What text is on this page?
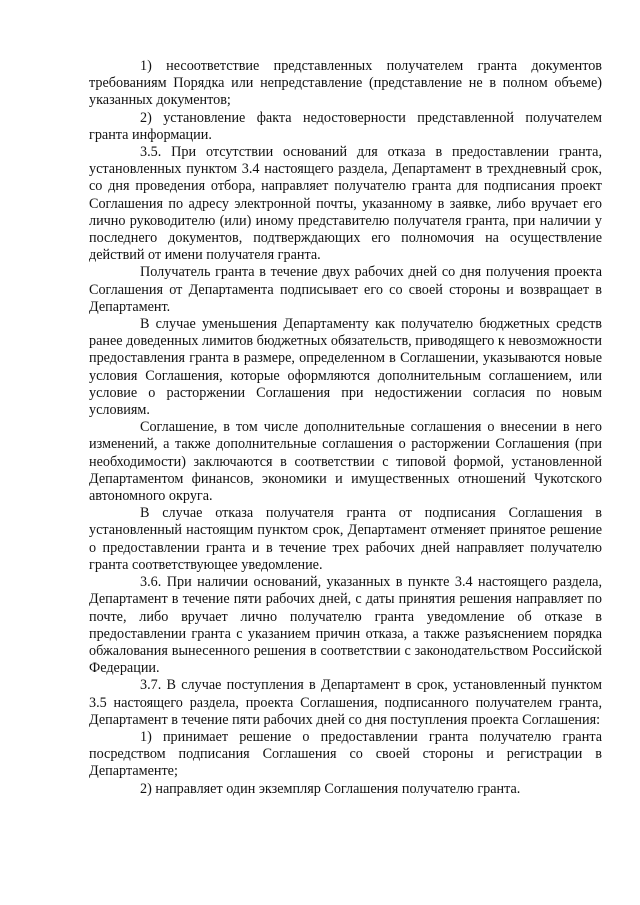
1) несоответствие представленных получателем гранта документов требованиям Порядка или непредставление (представление не в полном объеме) указанных документов;

2) установление факта недостоверности представленной получателем гранта информации.

3.5. При отсутствии оснований для отказа в предоставлении гранта, установленных пунктом 3.4 настоящего раздела, Департамент в трехдневный срок, со дня проведения отбора, направляет получателю гранта для подписания проект Соглашения по адресу электронной почты, указанному в заявке, либо вручает его лично руководителю (или) иному представителю получателя гранта, при наличии у последнего документов, подтверждающих его полномочия на осуществление действий от имени получателя гранта.

Получатель гранта в течение двух рабочих дней со дня получения проекта Соглашения от Департамента подписывает его со своей стороны и возвращает в Департамент.

В случае уменьшения Департаменту как получателю бюджетных средств ранее доведенных лимитов бюджетных обязательств, приводящего к невозможности предоставления гранта в размере, определенном в Соглашении, указываются новые условия Соглашения, которые оформляются дополнительным соглашением, или условие о расторжении Соглашения при недостижении согласия по новым условиям.

Соглашение, в том числе дополнительные соглашения о внесении в него изменений, а также дополнительные соглашения о расторжении Соглашения (при необходимости) заключаются в соответствии с типовой формой, установленной Департаментом финансов, экономики и имущественных отношений Чукотского автономного округа.

В случае отказа получателя гранта от подписания Соглашения в установленный настоящим пунктом срок, Департамент отменяет принятое решение о предоставлении гранта и в течение трех рабочих дней направляет получателю гранта соответствующее уведомление.

3.6. При наличии оснований, указанных в пункте 3.4 настоящего раздела, Департамент в течение пяти рабочих дней, с даты принятия решения направляет по почте, либо вручает лично получателю гранта уведомление об отказе в предоставлении гранта с указанием причин отказа, а также разъяснением порядка обжалования вынесенного решения в соответствии с законодательством Российской Федерации.

3.7. В случае поступления в Департамент в срок, установленный пунктом 3.5 настоящего раздела, проекта Соглашения, подписанного получателем гранта, Департамент в течение пяти рабочих дней со дня поступления проекта Соглашения:

1) принимает решение о предоставлении гранта получателю гранта посредством подписания Соглашения со своей стороны и регистрации в Департаменте;

2) направляет один экземпляр Соглашения получателю гранта.
